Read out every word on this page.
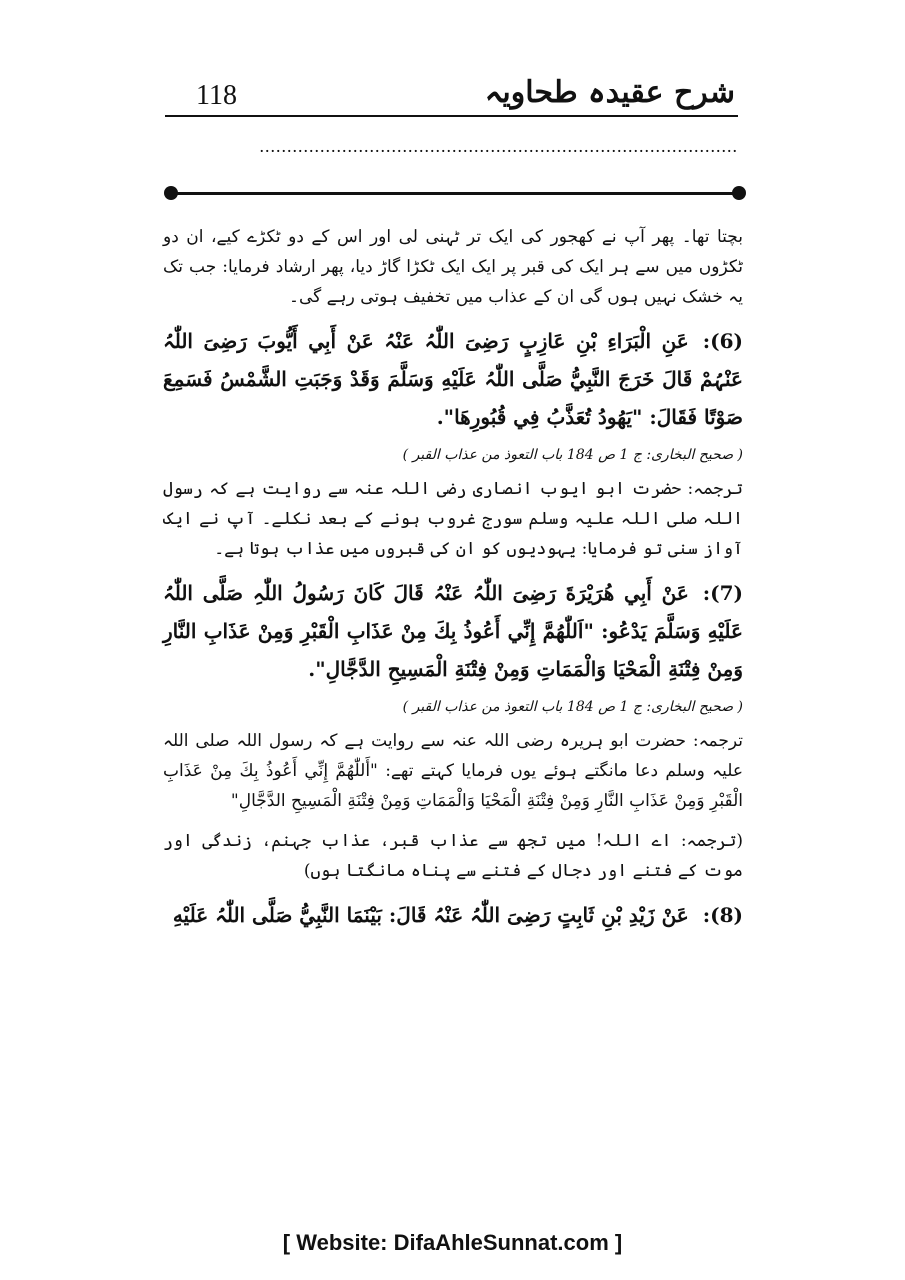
شرح عقیدہ طحاویہ
118
.......................................................................................

بچتا تھا۔ پھر آپ نے کھجور کی ایک تر ٹہنی لی اور اس کے دو ٹکڑے کیے، ان دو ٹکڑوں میں سے ہر ایک کی قبر پر ایک ایک ٹکڑا گاڑ دیا، پھر ارشاد فرمایا: جب تک یہ خشک نہیں ہوں گی ان کے عذاب میں تخفیف ہوتی رہے گی۔

(6):عَنِ الْبَرَاءِ بْنِ عَازِبٍ رَضِیَ اللّٰہُ عَنْہُ عَنْ أَبِي أَيُّوبَ رَضِیَ اللّٰہُ عَنْہُمْ قَالَ خَرَجَ النَّبِيُّ صَلَّى اللّٰہُ عَلَيْهِ وَسَلَّمَ وَقَدْ وَجَبَتِ الشَّمْسُ فَسَمِعَ صَوْتًا فَقَالَ: "يَهُودُ تُعَذَّبُ فِي قُبُورِهَا".

( صحیح البخاری: ج 1 ص 184 باب التعوذ من عذاب القبر )

ترجمہ: حضرت ابو ایوب انصاری رضی اللہ عنہ سے روایت ہے کہ رسول اللہ صلی اللہ علیہ وسلم سورج غروب ہونے کے بعد نکلے۔ آپ نے ایک آواز سنی تو فرمایا: یہودیوں کو ان کی قبروں میں عذاب ہوتا ہے۔

(7):عَنْ أَبِي هُرَيْرَةَ رَضِیَ اللّٰہُ عَنْہُ قَالَ كَانَ رَسُولُ اللّٰہِ صَلَّى اللّٰہُ عَلَيْهِ وَسَلَّمَ يَدْعُو: "اَللّٰهُمَّ إِنِّي أَعُوذُ بِكَ مِنْ عَذَابِ الْقَبْرِ وَمِنْ عَذَابِ النَّارِ وَمِنْ فِتْنَةِ الْمَحْيَا وَالْمَمَاتِ وَمِنْ فِتْنَةِ الْمَسِيحِ الدَّجَّالِ".

( صحیح البخاری: ج 1 ص 184 باب التعوذ من عذاب القبر )

ترجمہ: حضرت ابو ہریرہ رضی اللہ عنہ سے روایت ہے کہ رسول اللہ صلی اللہ علیہ وسلم دعا مانگتے ہوئے یوں فرمایا کہتے تھے: "أَللّٰهُمَّ إِنِّي أَعُوذُ بِكَ مِنْ عَذَابِ الْقَبْرِ وَمِنْ عَذَابِ النَّارِ وَمِنْ فِتْنَةِ الْمَحْيَا وَالْمَمَاتِ وَمِنْ فِتْنَةِ الْمَسِيحِ الدَّجَّالِ"

(ترجمہ: اے اللہ! میں تجھ سے عذاب قبر، عذاب جہنم، زندگی اور موت کے فتنے اور دجال کے فتنے سے پناہ مانگتا ہوں)

(8):عَنْ زَيْدِ بْنِ ثَابِتٍ رَضِیَ اللّٰہُ عَنْہُ قَالَ: بَيْنَمَا النَّبِيُّ صَلَّى اللّٰہُ عَلَيْهِ

[ Website: DifaAhleSunnat.com ]
